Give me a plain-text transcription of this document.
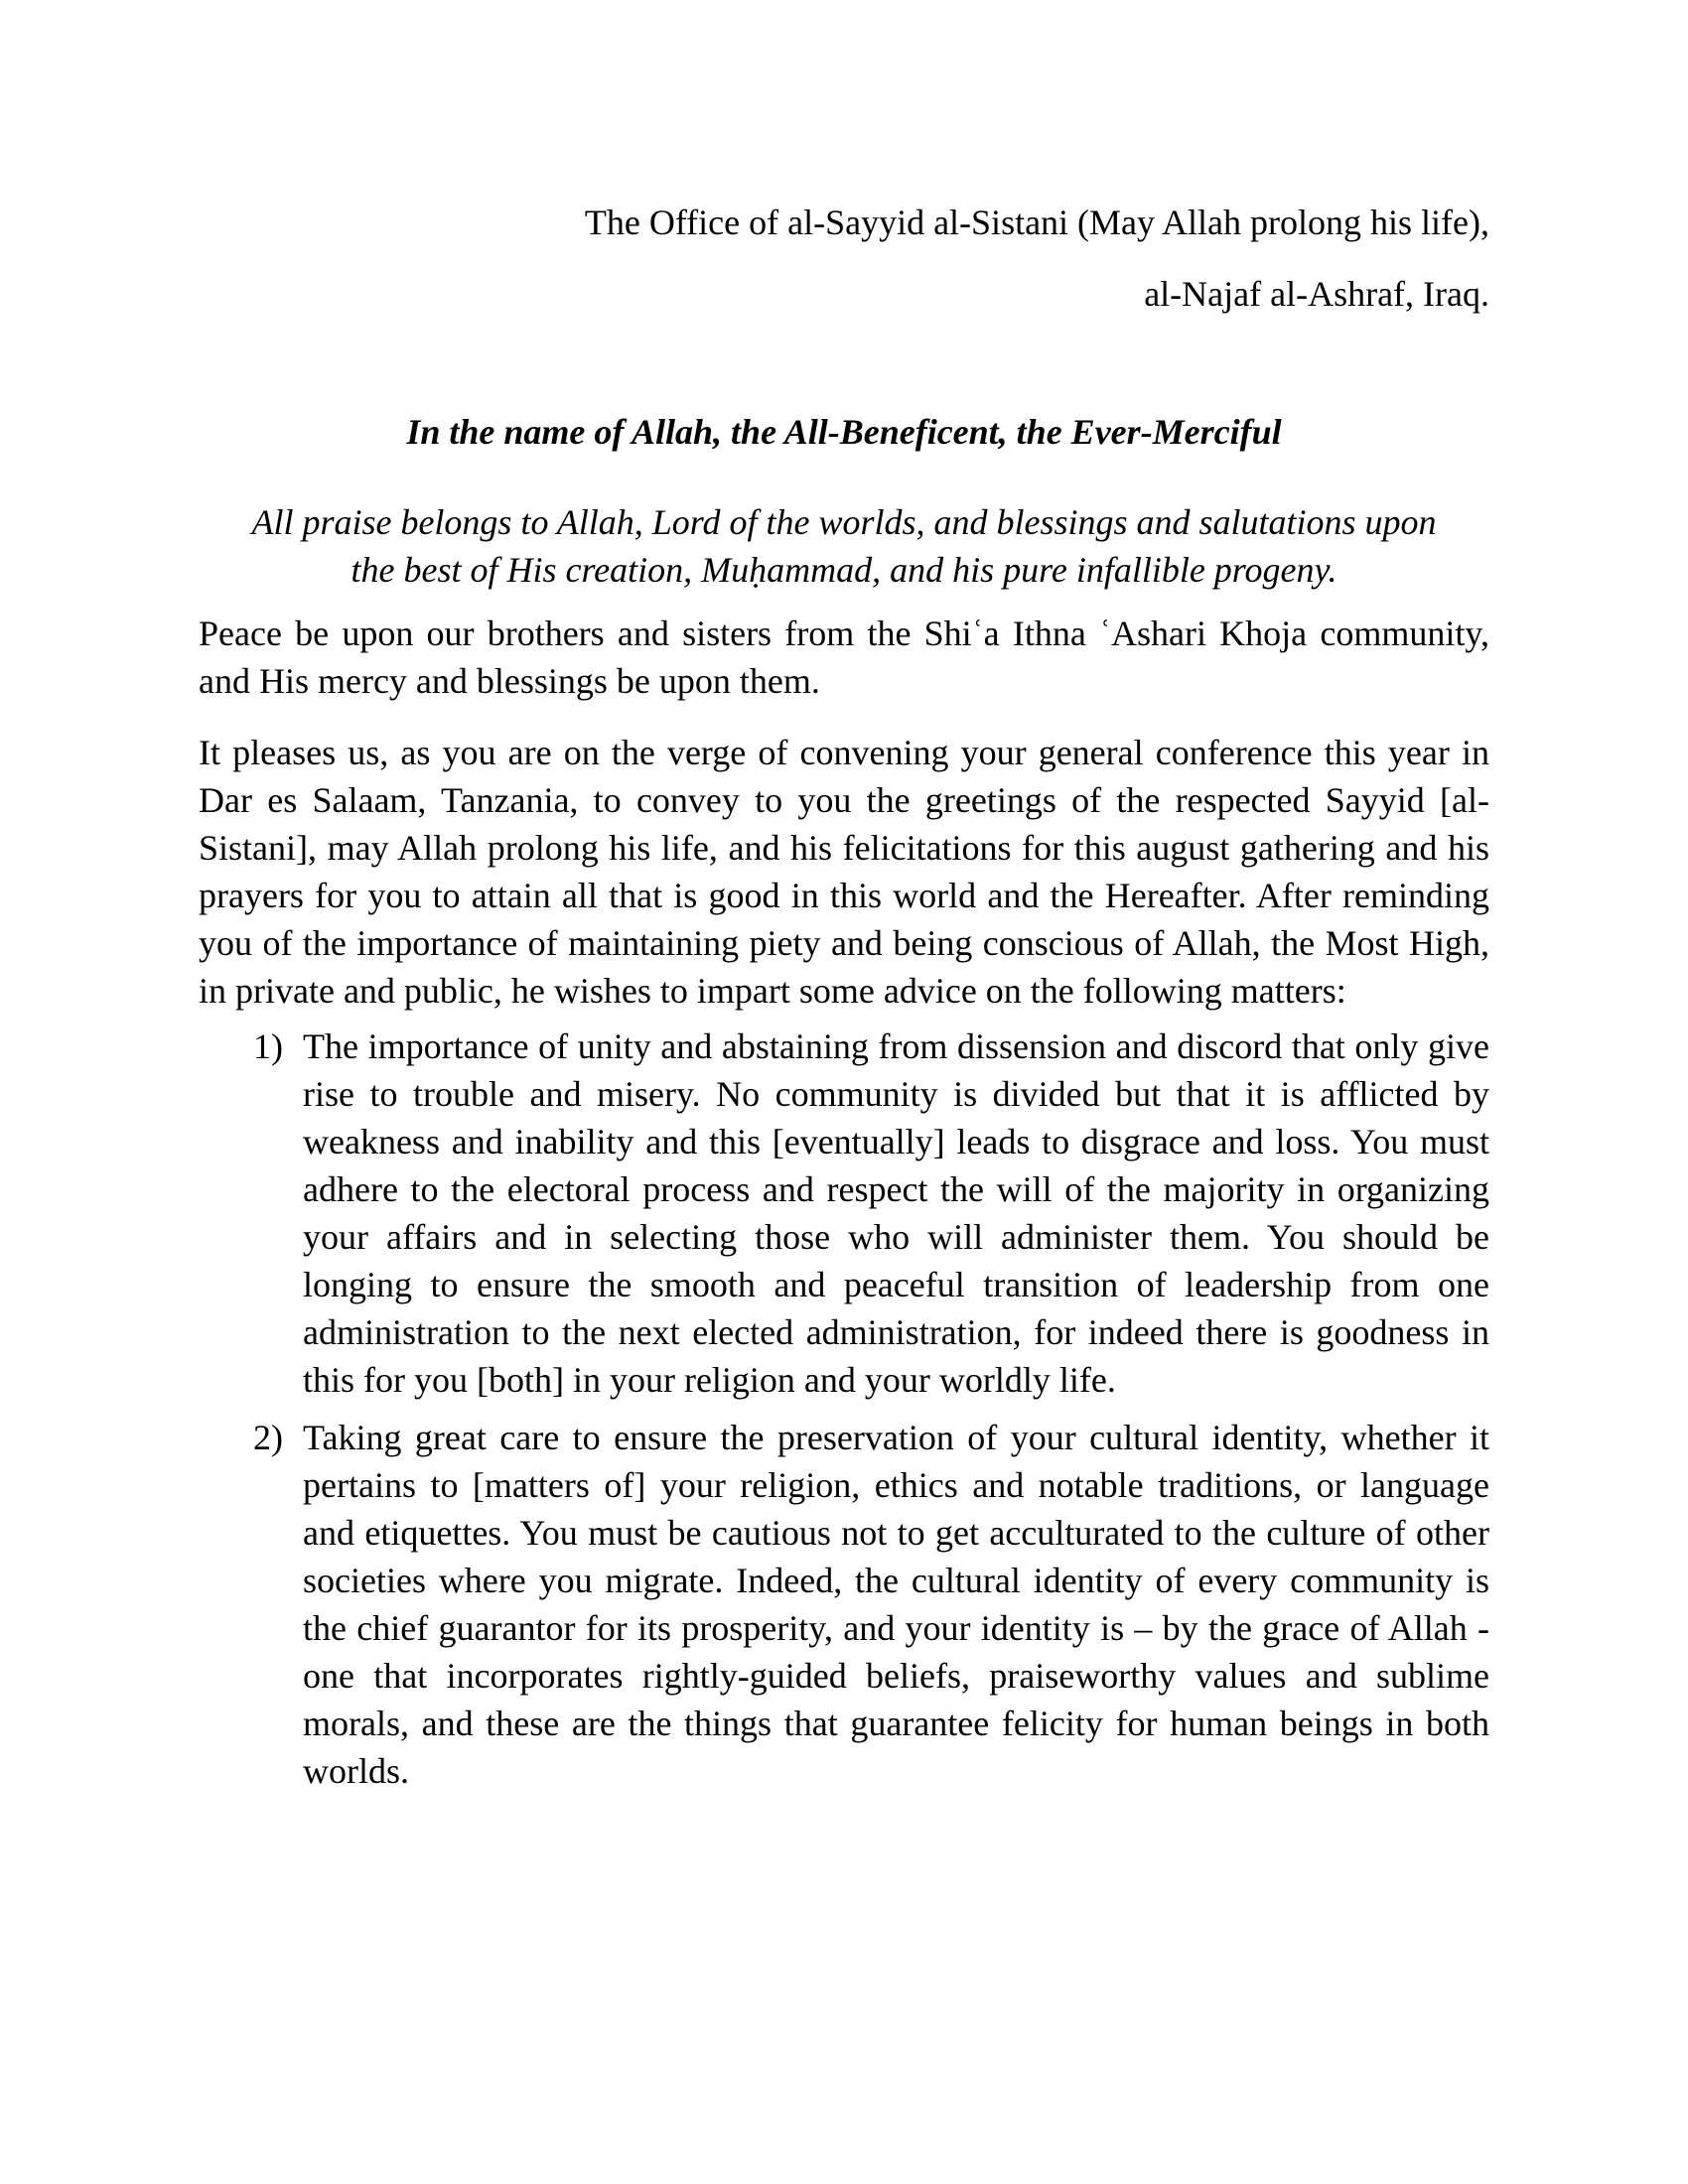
The Office of al-Sayyid al-Sistani (May Allah prolong his life),
al-Najaf al-Ashraf, Iraq.
In the name of Allah, the All-Beneficent, the Ever-Merciful
All praise belongs to Allah, Lord of the worlds, and blessings and salutations upon
the best of His creation, Muḥammad, and his pure infallible progeny.

Peace be upon our brothers and sisters from the Shiʿa Ithna ʿAshari Khoja community, and His mercy and blessings be upon them.

It pleases us, as you are on the verge of convening your general conference this year in Dar es Salaam, Tanzania, to convey to you the greetings of the respected Sayyid [al-Sistani], may Allah prolong his life, and his felicitations for this august gathering and his prayers for you to attain all that is good in this world and the Hereafter. After reminding you of the importance of maintaining piety and being conscious of Allah, the Most High, in private and public, he wishes to impart some advice on the following matters:

1) The importance of unity and abstaining from dissension and discord that only give rise to trouble and misery. No community is divided but that it is afflicted by weakness and inability and this [eventually] leads to disgrace and loss. You must adhere to the electoral process and respect the will of the majority in organizing your affairs and in selecting those who will administer them. You should be longing to ensure the smooth and peaceful transition of leadership from one administration to the next elected administration, for indeed there is goodness in this for you [both] in your religion and your worldly life.
2) Taking great care to ensure the preservation of your cultural identity, whether it pertains to [matters of] your religion, ethics and notable traditions, or language and etiquettes. You must be cautious not to get acculturated to the culture of other societies where you migrate. Indeed, the cultural identity of every community is the chief guarantor for its prosperity, and your identity is – by the grace of Allah - one that incorporates rightly-guided beliefs, praiseworthy values and sublime morals, and these are the things that guarantee felicity for human beings in both worlds.
